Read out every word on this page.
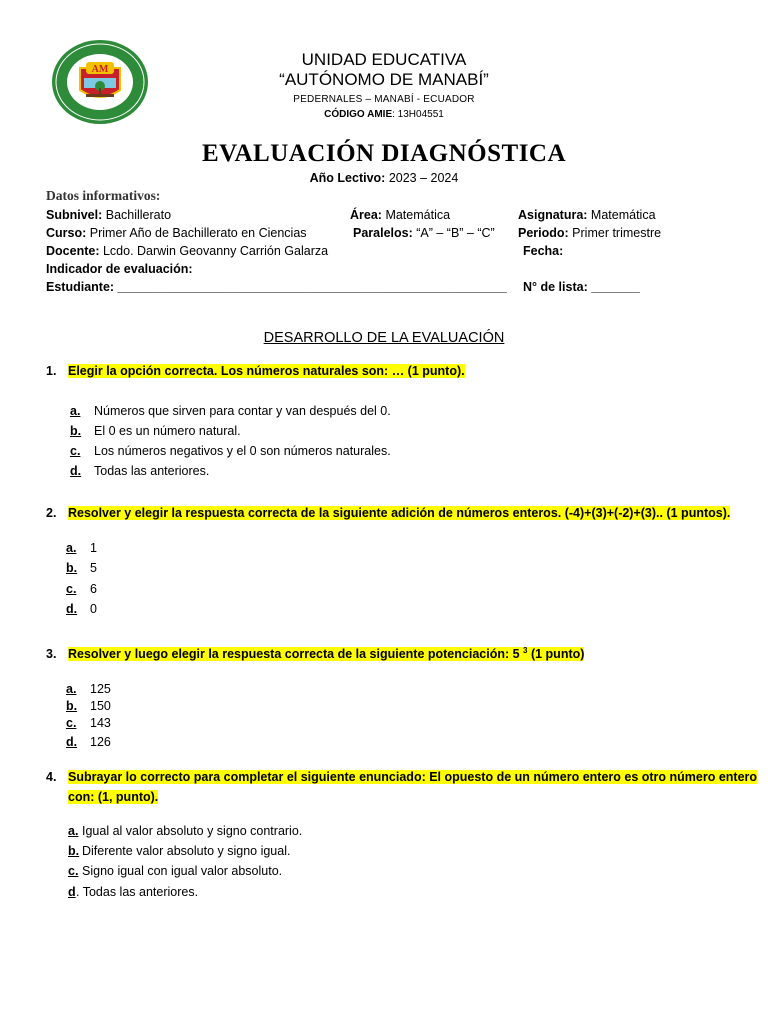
AM
UNIDAD EDUCATIVA
“AUTÓNOMO DE MANABÍ”
PEDERNALES – MANABÍ - ECUADOR
CÓDIGO AMIE: 13H04551
EVALUACIÓN DIAGNÓSTICA
Año Lectivo: 2023 – 2024
Datos informativos:
Subnivel: Bachillerato	Área: Matemática	Asignatura: Matemática
Curso: Primer Año de Bachillerato en Ciencias	Paralelos: “A” – “B” – “C” Periodo: Primer trimestre
Docente: Lcdo. Darwin Geovanny Carrión Galarza	Fecha:
Indicador de evaluación:
Estudiante: ________________________________________________________ N° de lista: _______
DESARROLLO DE LA EVALUACIÓN
1. Elegir la opción correcta. Los números naturales son: … (1 punto).
a. Números que sirven para contar y van después del 0.
b. El 0 es un número natural.
c. Los números negativos y el 0 son números naturales.
d. Todas las anteriores.
2. Resolver y elegir la respuesta correcta de la siguiente adición de números enteros. (-4)+(3)+(-2)+(3).. (1 puntos).
a. 1
b. 5
c. 6
d. 0
3. Resolver y luego elegir la respuesta correcta de la siguiente potenciación: 5 $^3$ (1 punto)
a. 125
b. 150
c. 143
d. 126
4. Subrayar lo correcto para completar el siguiente enunciado: El opuesto de un número entero es otro número entero
con: (1, punto).
a. Igual al valor absoluto y signo contrario.
b. Diferente valor absoluto y signo igual.
c. Signo igual con igual valor absoluto.
d. Todas las anteriores.
